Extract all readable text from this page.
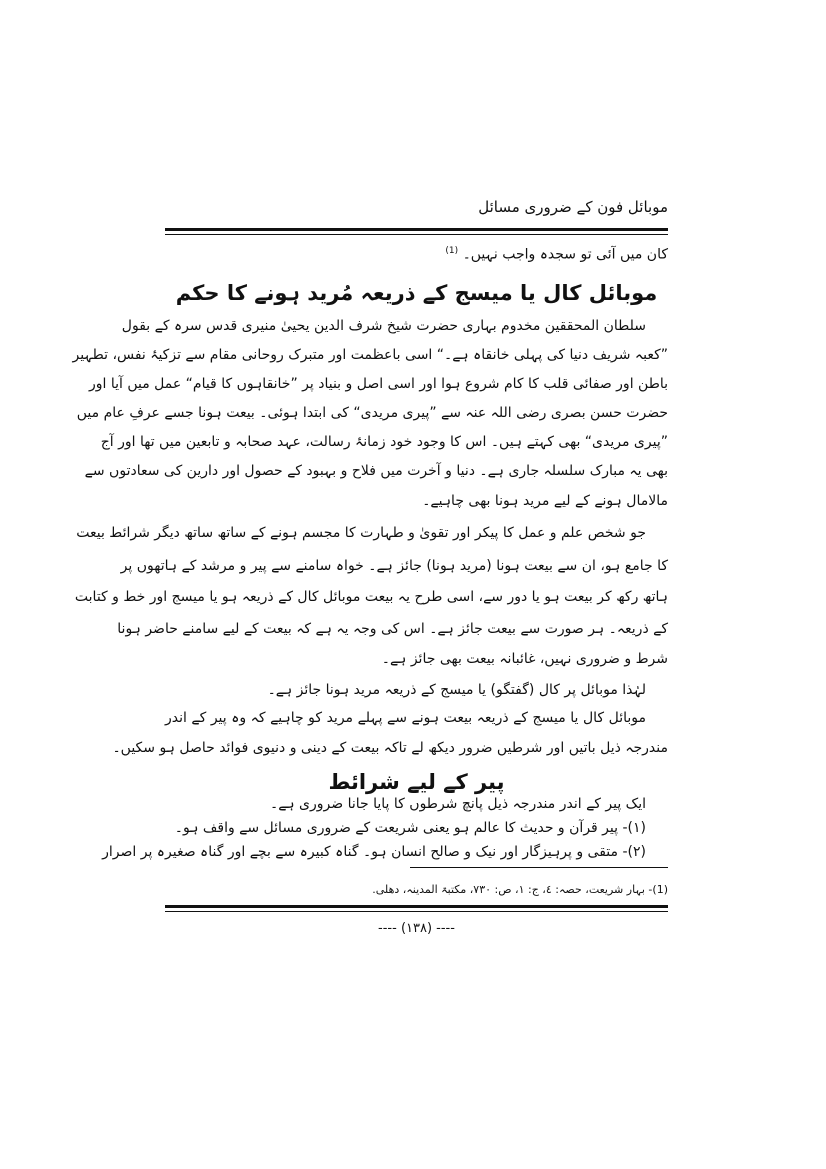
موبائل فون کے ضروری مسائل
کان میں آئی تو سجدہ واجب نہیں۔ $^{(1)}$
موبائل کال یا میسج کے ذریعہ مُرید ہونے کا حکم
سلطان المحققین مخدوم بہاری حضرت شیخ شرف الدین یحییٰ منیری قدس سرہ کے بقول
”کعبہ شریف دنیا کی پہلی خانقاہ ہے۔“ اسی باعظمت اور متبرک روحانی مقام سے تزکیۂ نفس، تطہیر
باطن اور صفائی قلب کا کام شروع ہوا اور اسی اصل و بنیاد پر ”خانقاہوں کا قیام“ عمل میں آیا اور
حضرت حسن بصری رضی اللہ عنہ سے ”پیری مریدی“ کی ابتدا ہوئی۔ بیعت ہونا جسے عرفِ عام میں
”پیری مریدی“ بھی کہتے ہیں۔ اس کا وجود خود زمانۂ رسالت، عہد صحابہ و تابعین میں تھا اور آج
بھی یہ مبارک سلسلہ جاری ہے۔ دنیا و آخرت میں فلاح و بہبود کے حصول اور دارین کی سعادتوں سے
مالامال ہونے کے لیے مرید ہونا بھی چاہیے۔
جو شخص علم و عمل کا پیکر اور تقویٰ و طہارت کا مجسم ہونے کے ساتھ ساتھ دیگر شرائط بیعت
کا جامع ہو، ان سے بیعت ہونا (مرید ہونا) جائز ہے۔ خواہ سامنے سے پیر و مرشد کے ہاتھوں پر
ہاتھ رکھ کر بیعت ہو یا دور سے، اسی طرح یہ بیعت موبائل کال کے ذریعہ ہو یا میسج اور خط و کتابت
کے ذریعہ۔ ہر صورت سے بیعت جائز ہے۔ اس کی وجہ یہ ہے کہ بیعت کے لیے سامنے حاضر ہونا
شرط و ضروری نہیں، غائبانہ بیعت بھی جائز ہے۔
لہٰذا موبائل پر کال (گفتگو) یا میسج کے ذریعہ مرید ہونا جائز ہے۔
موبائل کال یا میسج کے ذریعہ بیعت ہونے سے پہلے مرید کو چاہیے کہ وہ پیر کے اندر
مندرجہ ذیل باتیں اور شرطیں ضرور دیکھ لے تاکہ بیعت کے دینی و دنیوی فوائد حاصل ہو سکیں۔
پیر کے لیے شرائط
ایک پیر کے اندر مندرجہ ذیل پانچ شرطوں کا پایا جانا ضروری ہے۔
(۱)- پیر قرآن و حدیث کا عالم ہو یعنی شریعت کے ضروری مسائل سے واقف ہو۔
(۲)- متقی و پرہیزگار اور نیک و صالح انسان ہو۔ گناہ کبیرہ سے بچے اور گناہ صغیرہ پر اصرار
(1)- بہار شریعت، حصہ: ٤، ج: ١، ص: ٧٣٠، مکتبۃ المدینہ، دھلی.
---- (۱۳۸) ----
